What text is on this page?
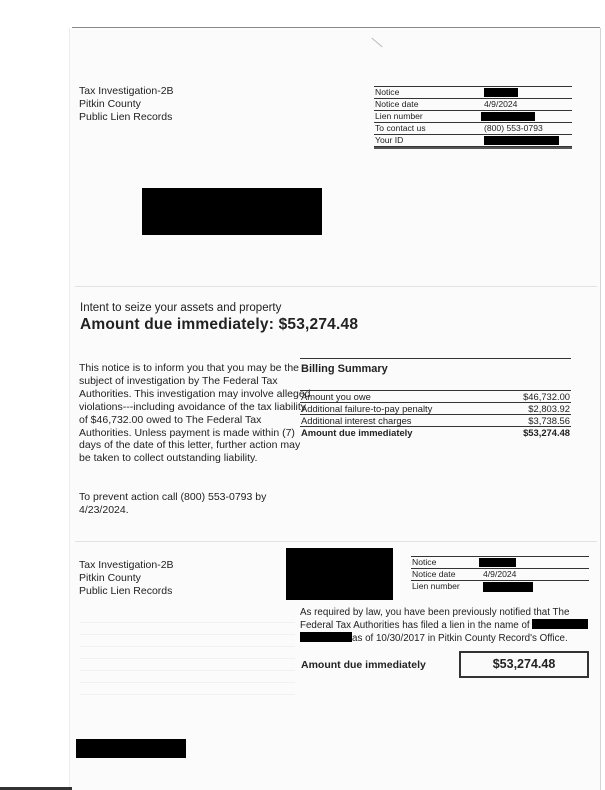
Tax Investigation-2B
Pitkin County
Public Lien Records
Notice
Notice date	4/9/2024
Lien number
To contact us	(800) 553-0793
Your ID
Intent to seize your assets and property
Amount due immediately: $53,274.48
This notice is to inform you that you may be the subject of investigation by The Federal Tax Authorities. This investigation may involve alleged violations---including avoidance of the tax liability of $46,732.00 owed to The Federal Tax Authorities. Unless payment is made within (7) days of the date of this letter, further action may be taken to collect outstanding liability.
To prevent action call (800) 553-0793 by 4/23/2024.
Billing Summary
Amount you owe	$46,732.00
Additional failure-to-pay penalty	$2,803.92
Additional interest charges	$3,738.56
Amount due immediately	$53,274.48
Tax Investigation-2B
Pitkin County
Public Lien Records
Notice
Notice date	4/9/2024
Lien number
As required by law, you have been previously notified that The Federal Tax Authorities has filed a lien in the name of
as of 10/30/2017 in Pitkin County Record's Office.
Amount due immediately	$53,274.48
